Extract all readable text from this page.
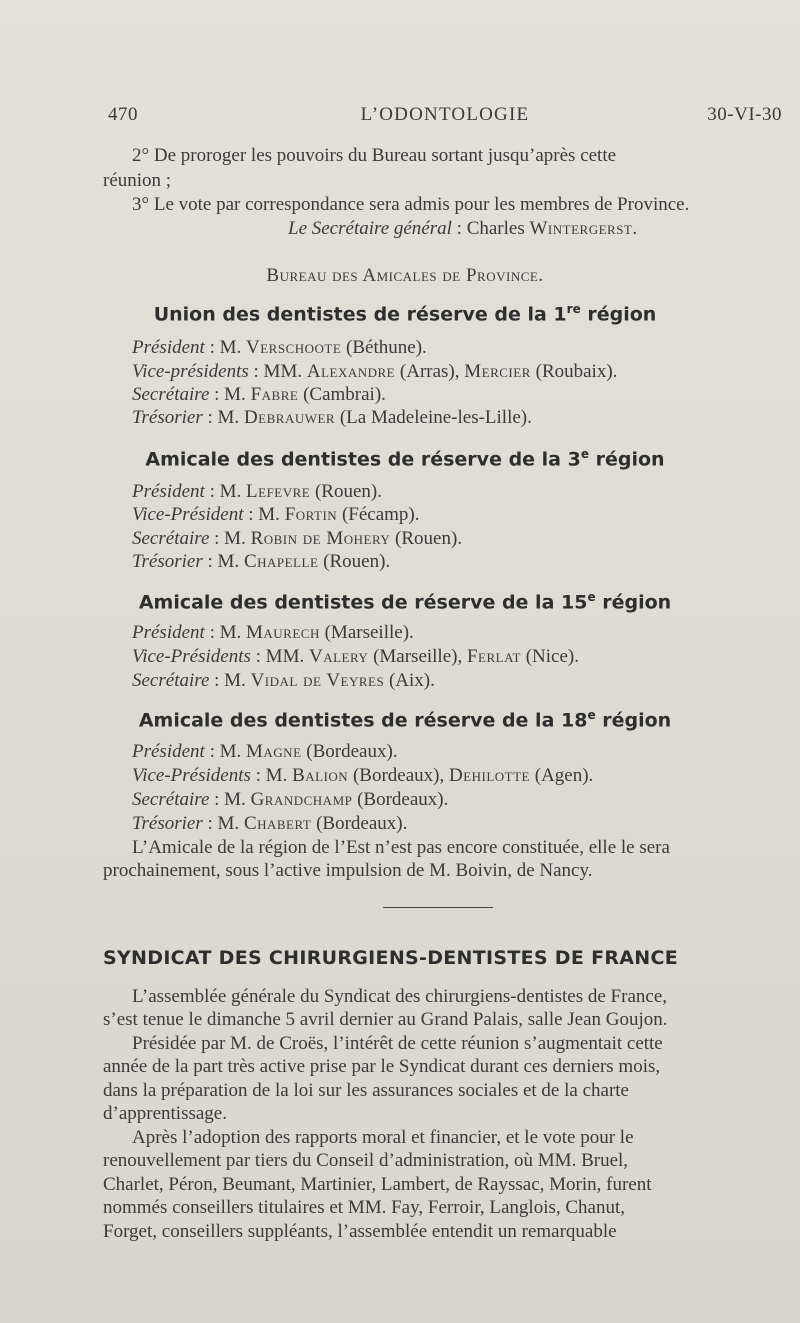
470	L’ODONTOLOGIE	30-VI-30
2° De proroger les pouvoirs du Bureau sortant jusqu’après cette
réunion ;
3° Le vote par correspondance sera admis pour les membres de Province.
Le Secrétaire général : Charles Wintergerst.
Bureau des Amicales de Province.
Union des dentistes de réserve de la 1re région
Président : M. Verschoote (Béthune).
Vice-présidents : MM. Alexandre (Arras), Mercier (Roubaix).
Secrétaire : M. Fabre (Cambrai).
Trésorier : M. Debrauwer (La Madeleine-les-Lille).
Amicale des dentistes de réserve de la 3e région
Président : M. Lefevre (Rouen).
Vice-Président : M. Fortin (Fécamp).
Secrétaire : M. Robin de Mohery (Rouen).
Trésorier : M. Chapelle (Rouen).
Amicale des dentistes de réserve de la 15e région
Président : M. Maurech (Marseille).
Vice-Présidents : MM. Valery (Marseille), Ferlat (Nice).
Secrétaire : M. Vidal de Veyres (Aix).
Amicale des dentistes de réserve de la 18e région
Président : M. Magne (Bordeaux).
Vice-Présidents : M. Balion (Bordeaux), Dehilotte (Agen).
Secrétaire : M. Grandchamp (Bordeaux).
Trésorier : M. Chabert (Bordeaux).
L’Amicale de la région de l’Est n’est pas encore constituée, elle le sera
prochainement, sous l’active impulsion de M. Boivin, de Nancy.
SYNDICAT DES CHIRURGIENS-DENTISTES DE FRANCE
L’assemblée générale du Syndicat des chirurgiens-dentistes de France,
s’est tenue le dimanche 5 avril dernier au Grand Palais, salle Jean Goujon.
Présidée par M. de Croës, l’intérêt de cette réunion s’augmentait cette
année de la part très active prise par le Syndicat durant ces derniers mois,
dans la préparation de la loi sur les assurances sociales et de la charte
d’apprentissage.
Après l’adoption des rapports moral et financier, et le vote pour le
renouvellement par tiers du Conseil d’administration, où MM. Bruel,
Charlet, Péron, Beumant, Martinier, Lambert, de Rayssac, Morin, furent
nommés conseillers titulaires et MM. Fay, Ferroir, Langlois, Chanut,
Forget, conseillers suppléants, l’assemblée entendit un remarquable
